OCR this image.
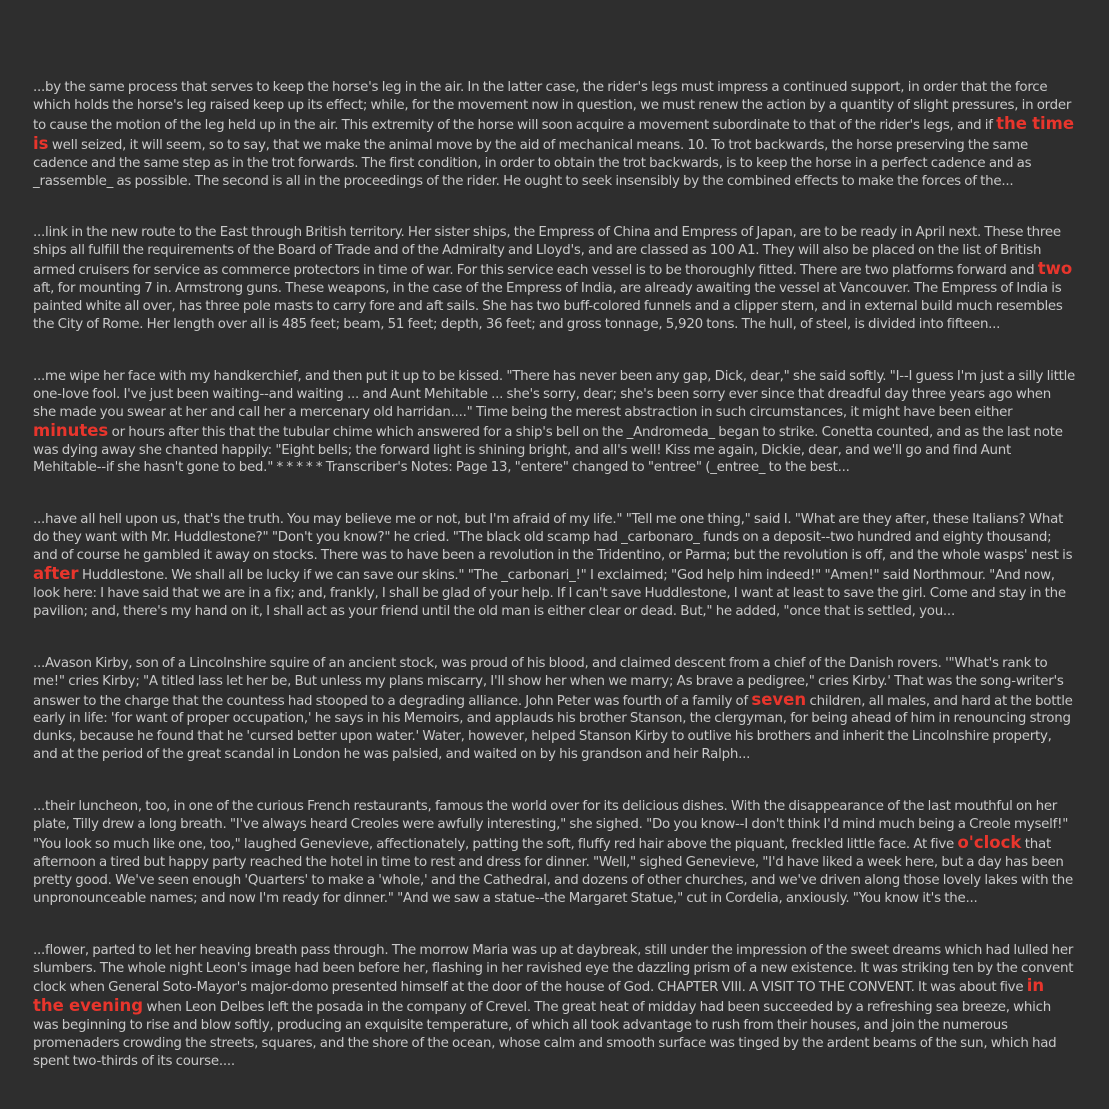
...by the same process that serves to keep the horse's leg in the air. In the latter case, the rider's legs must impress a continued support, in order that the force which holds the horse's leg raised keep up its effect; while, for the movement now in question, we must renew the action by a quantity of slight pressures, in order to cause the motion of the leg held up in the air. This extremity of the horse will soon acquire a movement subordinate to that of the rider's legs, and if the time is well seized, it will seem, so to say, that we make the animal move by the aid of mechanical means. 10. To trot backwards, the horse preserving the same cadence and the same step as in the trot forwards. The first condition, in order to obtain the trot backwards, is to keep the horse in a perfect cadence and as _rassemble_ as possible. The second is all in the proceedings of the rider. He ought to seek insensibly by the combined effects to make the forces of the...

...link in the new route to the East through British territory. Her sister ships, the Empress of China and Empress of Japan, are to be ready in April next. These three ships all fulfill the requirements of the Board of Trade and of the Admiralty and Lloyd's, and are classed as 100 A1. They will also be placed on the list of British armed cruisers for service as commerce protectors in time of war. For this service each vessel is to be thoroughly fitted. There are two platforms forward and two aft, for mounting 7 in. Armstrong guns. These weapons, in the case of the Empress of India, are already awaiting the vessel at Vancouver. The Empress of India is painted white all over, has three pole masts to carry fore and aft sails. She has two buff-colored funnels and a clipper stern, and in external build much resembles the City of Rome. Her length over all is 485 feet; beam, 51 feet; depth, 36 feet; and gross tonnage, 5,920 tons. The hull, of steel, is divided into fifteen...

...me wipe her face with my handkerchief, and then put it up to be kissed. "There has never been any gap, Dick, dear," she said softly. "I--I guess I'm just a silly little one-love fool. I've just been waiting--and waiting ... and Aunt Mehitable ... she's sorry, dear; she's been sorry ever since that dreadful day three years ago when she made you swear at her and call her a mercenary old harridan...." Time being the merest abstraction in such circumstances, it might have been either minutes or hours after this that the tubular chime which answered for a ship's bell on the _Andromeda_ began to strike. Conetta counted, and as the last note was dying away she chanted happily: "Eight bells; the forward light is shining bright, and all's well! Kiss me again, Dickie, dear, and we'll go and find Aunt Mehitable--if she hasn't gone to bed." * * * * * Transcriber's Notes: Page 13, "entere" changed to "entree" (_entree_ to the best...

...have all hell upon us, that's the truth. You may believe me or not, but I'm afraid of my life." "Tell me one thing," said I. "What are they after, these Italians? What do they want with Mr. Huddlestone?" "Don't you know?" he cried. "The black old scamp had _carbonaro_ funds on a deposit--two hundred and eighty thousand; and of course he gambled it away on stocks. There was to have been a revolution in the Tridentino, or Parma; but the revolution is off, and the whole wasps' nest is after Huddlestone. We shall all be lucky if we can save our skins." "The _carbonari_!" I exclaimed; "God help him indeed!" "Amen!" said Northmour. "And now, look here: I have said that we are in a fix; and, frankly, I shall be glad of your help. If I can't save Huddlestone, I want at least to save the girl. Come and stay in the pavilion; and, there's my hand on it, I shall act as your friend until the old man is either clear or dead. But," he added, "once that is settled, you...

...Avason Kirby, son of a Lincolnshire squire of an ancient stock, was proud of his blood, and claimed descent from a chief of the Danish rovers. '"What's rank to me!" cries Kirby; "A titled lass let her be, But unless my plans miscarry, I'll show her when we marry; As brave a pedigree," cries Kirby.' That was the song-writer's answer to the charge that the countess had stooped to a degrading alliance. John Peter was fourth of a family of seven children, all males, and hard at the bottle early in life: 'for want of proper occupation,' he says in his Memoirs, and applauds his brother Stanson, the clergyman, for being ahead of him in renouncing strong dunks, because he found that he 'cursed better upon water.' Water, however, helped Stanson Kirby to outlive his brothers and inherit the Lincolnshire property, and at the period of the great scandal in London he was palsied, and waited on by his grandson and heir Ralph...

...their luncheon, too, in one of the curious French restaurants, famous the world over for its delicious dishes. With the disappearance of the last mouthful on her plate, Tilly drew a long breath. "I've always heard Creoles were awfully interesting," she sighed. "Do you know--I don't think I'd mind much being a Creole myself!" "You look so much like one, too," laughed Genevieve, affectionately, patting the soft, fluffy red hair above the piquant, freckled little face. At five o'clock that afternoon a tired but happy party reached the hotel in time to rest and dress for dinner. "Well," sighed Genevieve, "I'd have liked a week here, but a day has been pretty good. We've seen enough 'Quarters' to make a 'whole,' and the Cathedral, and dozens of other churches, and we've driven along those lovely lakes with the unpronounceable names; and now I'm ready for dinner." "And we saw a statue--the Margaret Statue," cut in Cordelia, anxiously. "You know it's the...

...flower, parted to let her heaving breath pass through. The morrow Maria was up at daybreak, still under the impression of the sweet dreams which had lulled her slumbers. The whole night Leon's image had been before her, flashing in her ravished eye the dazzling prism of a new existence. It was striking ten by the convent clock when General Soto-Mayor's major-domo presented himself at the door of the house of God. CHAPTER VIII. A VISIT TO THE CONVENT. It was about five in the evening when Leon Delbes left the posada in the company of Crevel. The great heat of midday had been succeeded by a refreshing sea breeze, which was beginning to rise and blow softly, producing an exquisite temperature, of which all took advantage to rush from their houses, and join the numerous promenaders crowding the streets, squares, and the shore of the ocean, whose calm and smooth surface was tinged by the ardent beams of the sun, which had spent two-thirds of its course....
